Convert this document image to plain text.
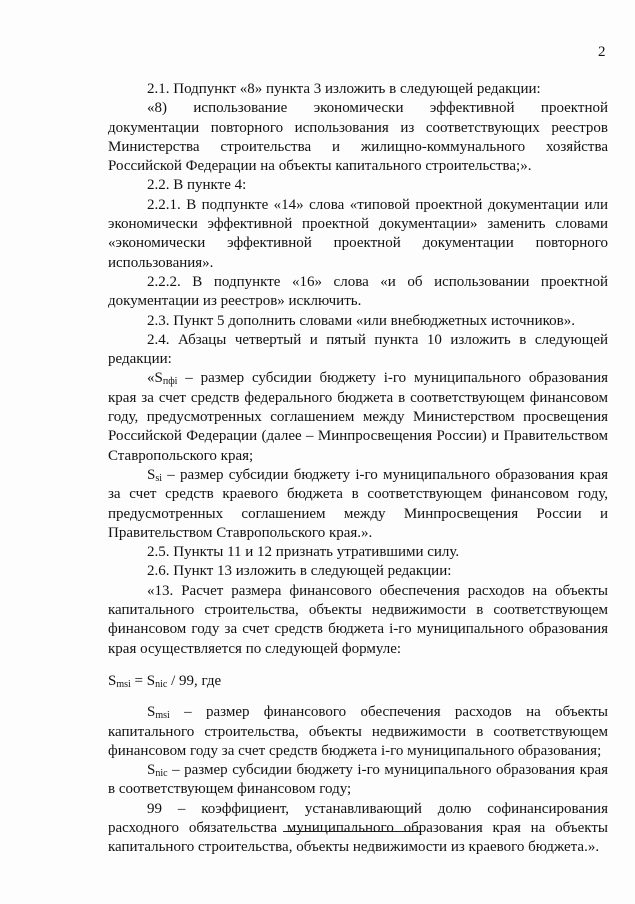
2

2.1. Подпункт «8» пункта 3 изложить в следующей редакции:

«8) использование экономически эффективной проектной документации повторного использования из соответствующих реестров Министерства строительства и жилищно-коммунального хозяйства Российской Федерации на объекты капитального строительства;».

2.2. В пункте 4:

2.2.1. В подпункте «14» слова «типовой проектной документации или экономически эффективной проектной документации» заменить словами «экономически эффективной проектной документации повторного использования».

2.2.2. В подпункте «16» слова «и об использовании проектной документации из реестров» исключить.

2.3. Пункт 5 дополнить словами «или внебюджетных источников».

2.4. Абзацы четвертый и пятый пункта 10 изложить в следующей редакции:

«$S_{пфi}$ – размер субсидии бюджету i-го муниципального образования края за счет средств федерального бюджета в соответствующем финансовом году, предусмотренных соглашением между Министерством просвещения Российской Федерации (далее – Минпросвещения России) и Правительством Ставропольского края;

$S_{si}$ – размер субсидии бюджету i-го муниципального образования края за счет средств краевого бюджета в соответствующем финансовом году, предусмотренных соглашением между Минпросвещения России и Правительством Ставропольского края.».

2.5. Пункты 11 и 12 признать утратившими силу.

2.6. Пункт 13 изложить в следующей редакции:

«13. Расчет размера финансового обеспечения расходов на объекты капитального строительства, объекты недвижимости в соответствующем финансовом году за счет средств бюджета i-го муниципального образования края осуществляется по следующей формуле:

$S_{msi} = S_{nic} / 99$, где

$S_{msi}$ – размер финансового обеспечения расходов на объекты капитального строительства, объекты недвижимости в соответствующем финансовом году за счет средств бюджета i-го муниципального образования;

$S_{nic}$ – размер субсидии бюджету i-го муниципального образования края в соответствующем финансовом году;

99 – коэффициент, устанавливающий долю софинансирования расходного обязательства муниципального образования края на объекты капитального строительства, объекты недвижимости из краевого бюджета.».
